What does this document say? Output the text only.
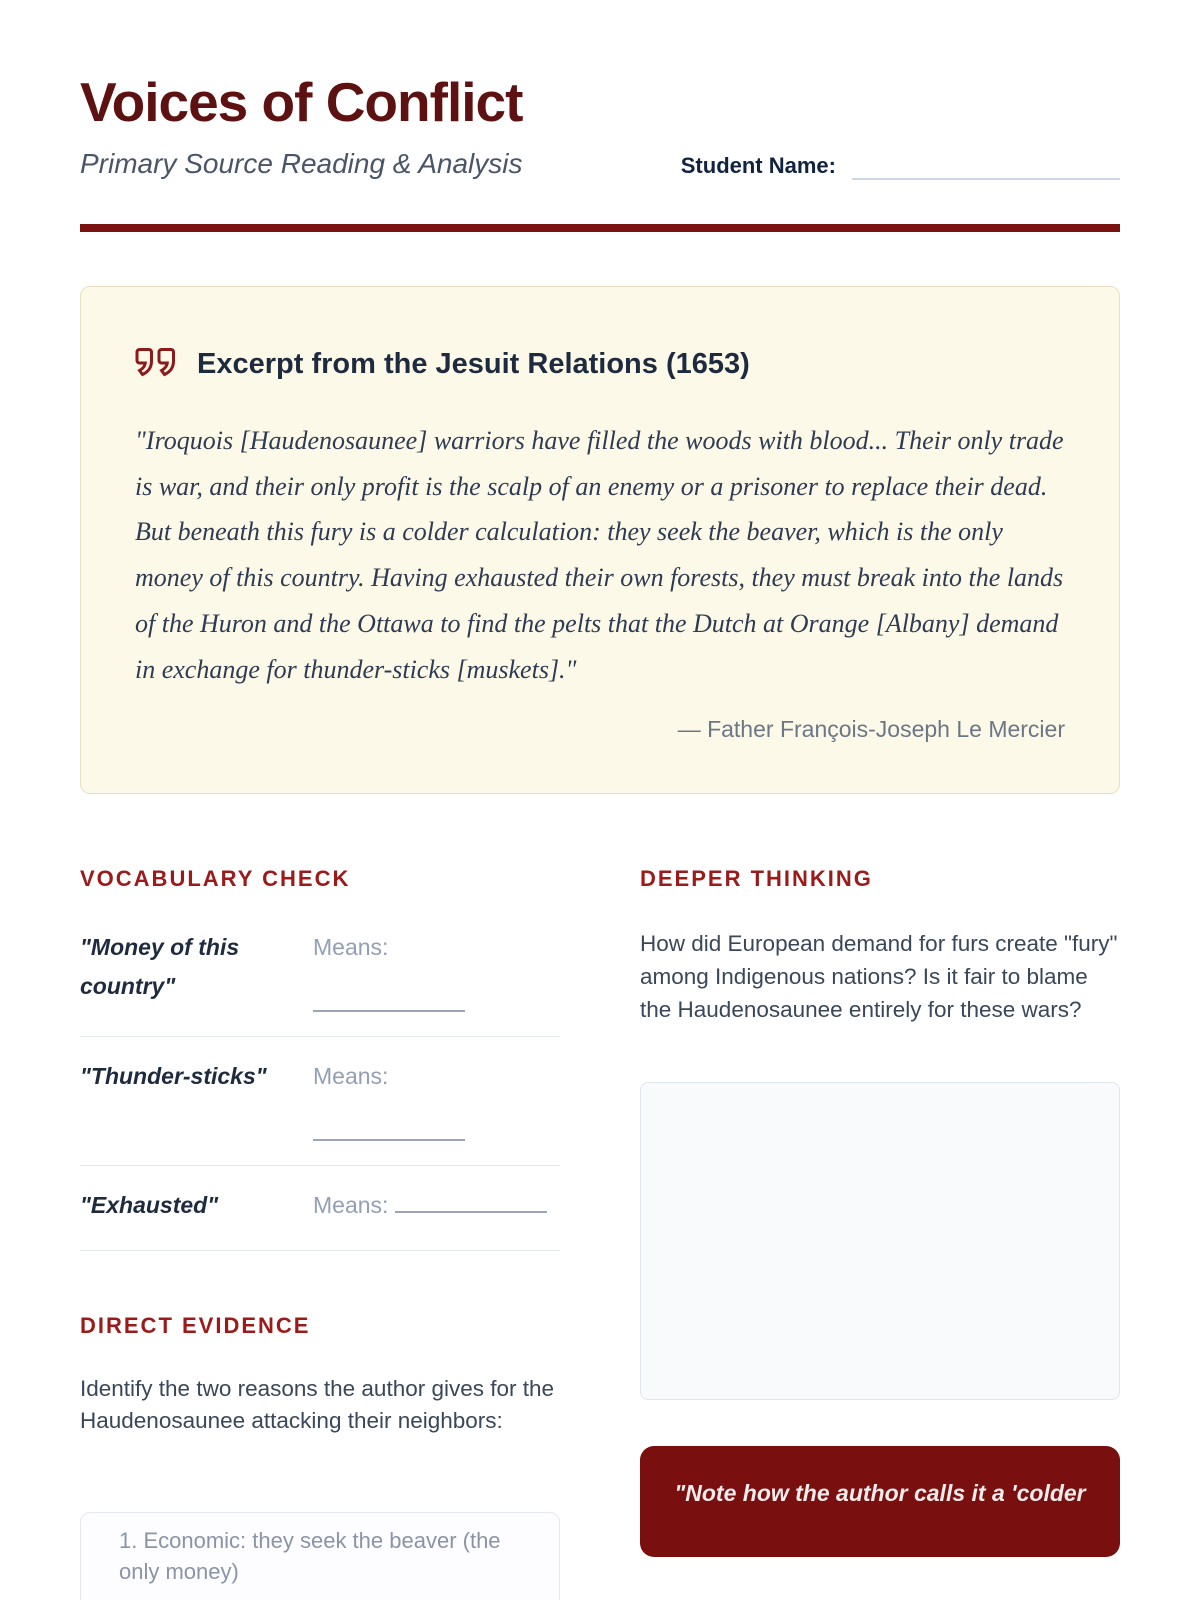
Voices of Conflict
Primary Source Reading & Analysis	Student Name:
Excerpt from the Jesuit Relations (1653)
"Iroquois [Haudenosaunee] warriors have filled the woods with blood... Their only trade is war, and their only profit is the scalp of an enemy or a prisoner to replace their dead. But beneath this fury is a colder calculation: they seek the beaver, which is the only money of this country. Having exhausted their own forests, they must break into the lands of the Huron and the Ottawa to find the pelts that the Dutch at Orange [Albany] demand in exchange for thunder-sticks [muskets]."
— Father François-Joseph Le Mercier
VOCABULARY CHECK
"Money of this country"
Means:
"Thunder-sticks"	Means:
"Exhausted"	Means:
DIRECT EVIDENCE
Identify the two reasons the author gives for the Haudenosaunee attacking their neighbors:
1. Economic: they seek the beaver (the only money)
DEEPER THINKING
How did European demand for furs create "fury" among Indigenous nations? Is it fair to blame the Haudenosaunee entirely for these wars?
"Note how the author calls it a 'colder
